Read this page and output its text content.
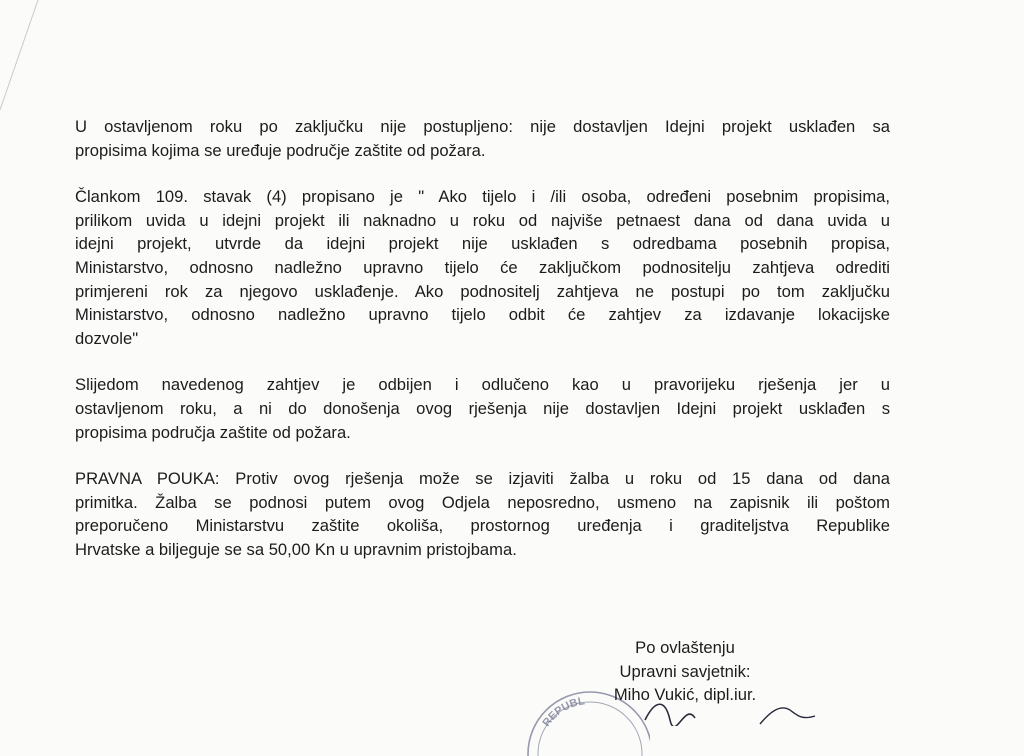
U ostavljenom roku po zaključku nije postupljeno: nije dostavljen Idejni projekt usklađen sa
propisima kojima se uređuje područje zaštite od požara.

Člankom 109. stavak (4) propisano je " Ako tijelo i /ili osoba, određeni posebnim propisima,
prilikom uvida u idejni projekt ili naknadno u roku od najviše petnaest dana od dana uvida u
idejni projekt, utvrde da idejni projekt nije usklađen s odredbama posebnih propisa,
Ministarstvo, odnosno nadležno upravno tijelo će zaključkom podnositelju zahtjeva odrediti
primjereni rok za njegovo usklađenje. Ako podnositelj zahtjeva ne postupi po tom zaključku
Ministarstvo, odnosno nadležno upravno tijelo odbit će zahtjev za izdavanje lokacijske
dozvole"

Slijedom navedenog zahtjev je odbijen i odlučeno kao u pravorijeku rješenja jer u
ostavljenom roku, a ni do donošenja ovog rješenja nije dostavljen Idejni projekt usklađen s
propisima područja zaštite od požara.

PRAVNA POUKA: Protiv ovog rješenja može se izjaviti žalba u roku od 15 dana od dana
primitka. Žalba se podnosi putem ovog Odjela neposredno, usmeno na zapisnik ili poštom
preporučeno Ministarstvu zaštite okoliša, prostornog uređenja i graditeljstva Republike
Hrvatske a biljeguje se sa 50,00 Kn u upravnim pristojbama.

REPUBL
Po ovlaštenju
Upravni savjetnik:
Miho Vukić, dipl.iur.
